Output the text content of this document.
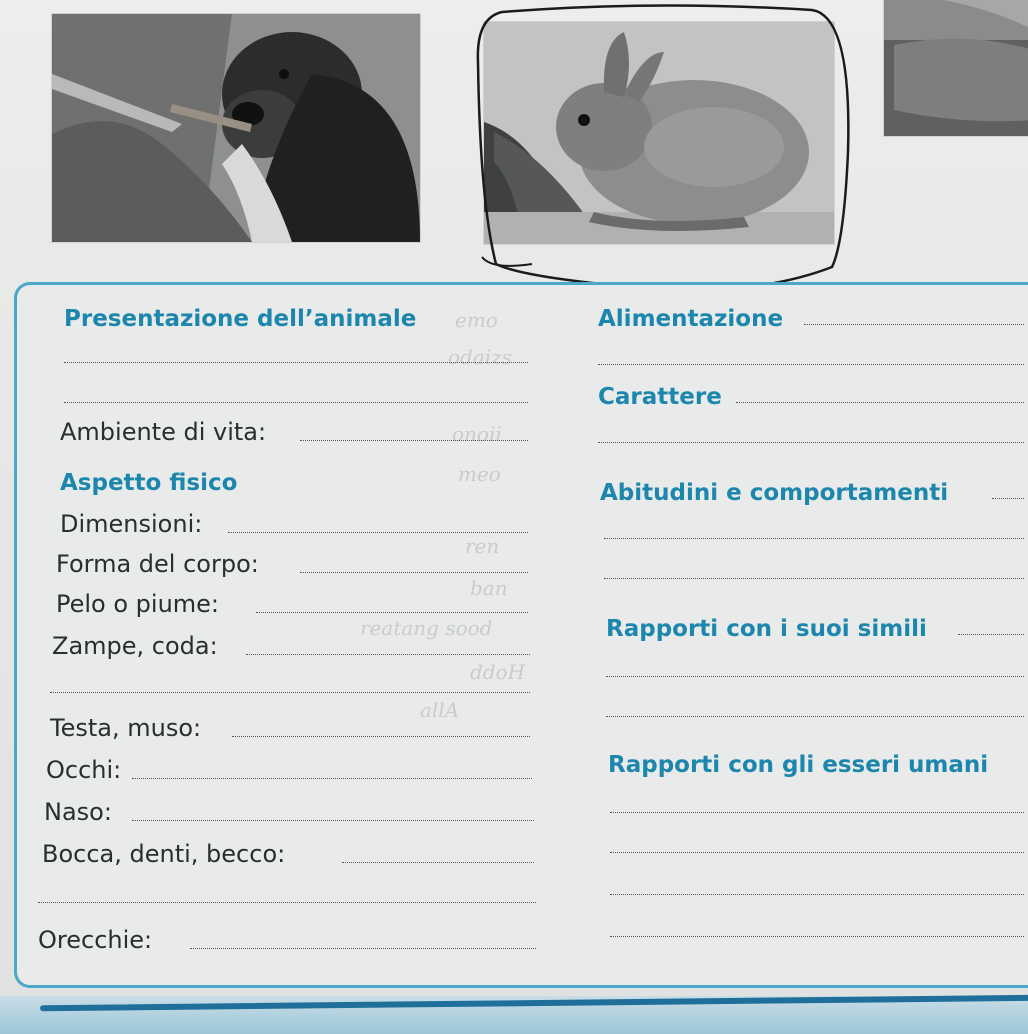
emo
odaizs
onoii
meo
ren
ban
reatang sood
ddoH
allA
Presentazione dell’animale
Ambiente di vita:
Aspetto fisico
Dimensioni:
Forma del corpo:
Pelo o piume:
Zampe, coda:
Testa, muso:
Occhi:
Naso:
Bocca, denti, becco:
Orecchie:
Alimentazione
Carattere
Abitudini e comportamenti
Rapporti con i suoi simili
Rapporti con gli esseri umani
